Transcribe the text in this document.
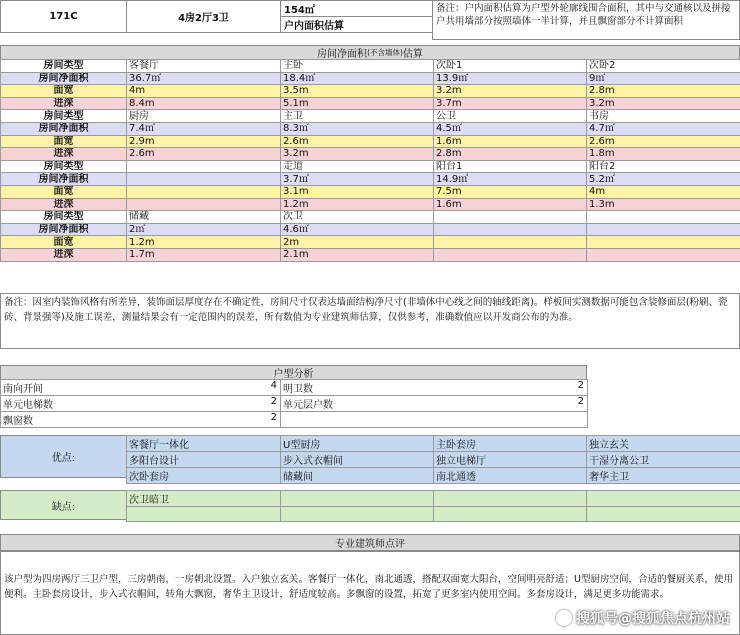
171C	4房2厅3卫
154㎡
户内面积估算
备注：户内面积估算为户型外轮廓线围合面积，其中与交通核以及拼接户共用墙部分按照墙体一半计算，并且飘窗部分不计算面积
房间净面积 (不含墙体) 估算
房间类型	客餐厅	主卧	次卧1	次卧2
房间净面积	36.7㎡	18.4㎡	13.9㎡	9㎡
面宽	4m	3.5m	3.2m	2.8m
进深	8.4m	5.1m	3.7m	3.2m
房间类型	厨房	主卫	公卫	书房
房间净面积	7.4㎡	8.3㎡	4.5㎡	4.7㎡
面宽	2.9m	2.6m	1.6m	2.6m
进深	2.6m	3.2m	2.8m	1.8m
房间类型		走道	阳台1	阳台2
房间净面积		3.7㎡	14.9㎡	5.2㎡
面宽		3.1m	7.5m	4m
进深		1.2m	1.6m	1.3m
房间类型	储藏	次卫		
房间净面积	2㎡	4.6㎡		
面宽	1.2m	2m		
进深	1.7m	2.1m		
备注：因室内装饰风格有所差异，装饰面层厚度存在不确定性，房间尺寸仅表达墙面结构净尺寸(非墙体中心线之间的轴线距离)。样板间实测数据可能包含装修面层(粉刷、瓷砖、背景强等)及施工误差，测量结果会有一定范围内的误差，所有数值为专业建筑师估算，仅供参考，准确数值应以开发商公布的为准。
户型分析
南向开间 4	明卫数 2

单元电梯数 2	单元层户数 2

飘窗数 2	

优点:
客餐厅一体化	U型厨房	主卧套房	独立玄关
多阳台设计	步入式衣帽间	独立电梯厅	干湿分离公卫
次卧套房	储藏间	南北通透	奢华主卫
缺点:
次卫暗卫			

专业建筑师点评
该户型为四房两厅三卫户型，三房朝南，一房朝北设置。入户独立玄关。客餐厅一体化，南北通透，搭配双面宽大阳台，空间明亮舒适；U型厨房空间，合适的餐厨关系，使用便利。主卧套房设计，步入式衣帽间，转角大飘窗，奢华主卫设计，舒适度较高。多飘窗的设置，拓宽了更多室内使用空间。多套房设计，满足更多功能需求。
搜狐号@搜狐焦点杭州站
